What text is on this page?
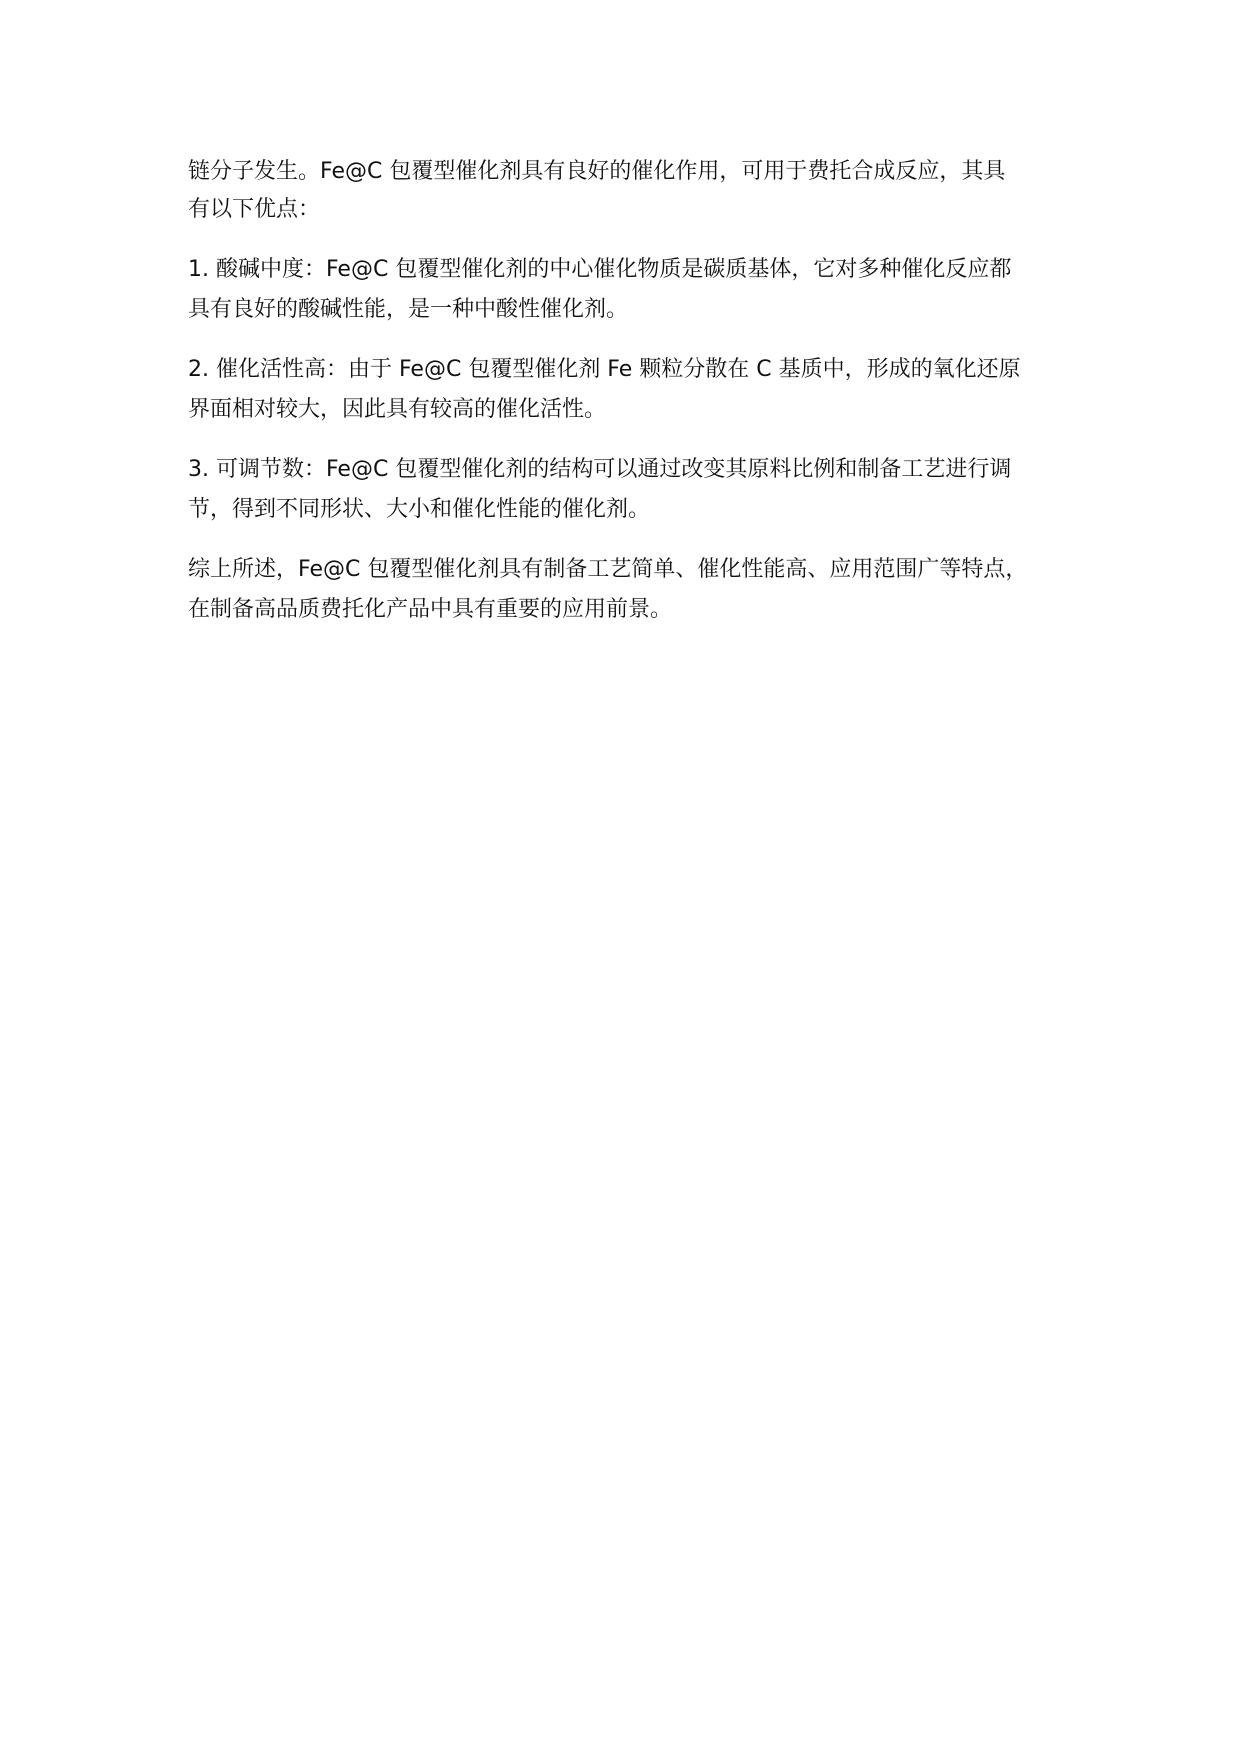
链分子发生。Fe@C 包覆型催化剂具有良好的催化作用，可用于费托合成反应，其具
有以下优点：
1. 酸碱中度：Fe@C 包覆型催化剂的中心催化物质是碳质基体，它对多种催化反应都
具有良好的酸碱性能，是一种中酸性催化剂。
2. 催化活性高：由于 Fe@C 包覆型催化剂 Fe 颗粒分散在 C 基质中，形成的氧化还原
界面相对较大，因此具有较高的催化活性。
3. 可调节数：Fe@C 包覆型催化剂的结构可以通过改变其原料比例和制备工艺进行调
节，得到不同形状、大小和催化性能的催化剂。
综上所述，Fe@C 包覆型催化剂具有制备工艺简单、催化性能高、应用范围广等特点，
在制备高品质费托化产品中具有重要的应用前景。
